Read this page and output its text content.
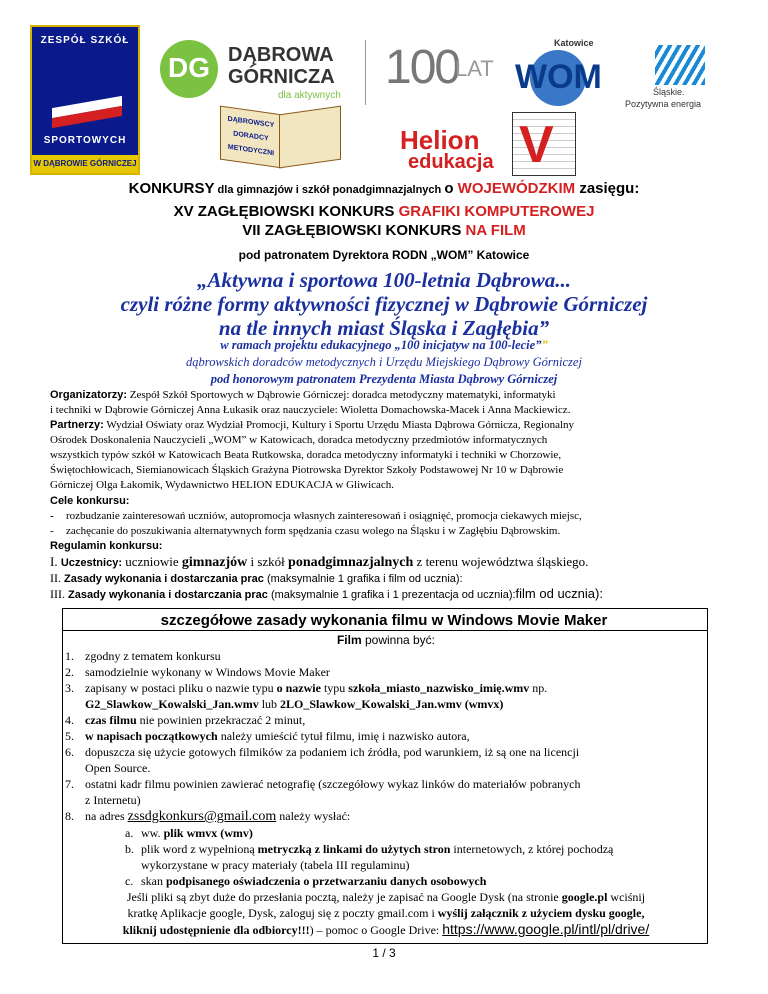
ZESPÓŁ SZKÓŁ
SPORTOWYCH
W DĄBROWIE GÓRNICZEJ
DG DĄBROWA
GÓRNICZA
dla aktywnych
100
LAT
Katowice
WOM	Śląskie.
Pozytywna energia
DĄBROWSCY
DORADCY
METODYCZNI	Helion
edukacja V
KONKURSY dla gimnazjów i szkół ponadgimnazjalnych o WOJEWÓDZKIM zasięgu:
XV ZAGŁĘBIOWSKI KONKURS GRAFIKI KOMPUTEROWEJ
VII ZAGŁĘBIOWSKI KONKURS NA FILM
pod patronatem Dyrektora RODN „WOM” Katowice
„Aktywna i sportowa 100-letnia Dąbrowa...
czyli różne formy aktywności fizycznej w Dąbrowie Górniczej
na tle innych miast Śląska i Zagłębia”
w ramach projektu edukacyjnego „100 inicjatyw na 100-lecie””
dąbrowskich doradców metodycznych i Urzędu Miejskiego Dąbrowy Górniczej
pod honorowym patronatem Prezydenta Miasta Dąbrowy Górniczej
Organizatorzy: Zespół Szkół Sportowych w Dąbrowie Górniczej: doradca metodyczny matematyki, informatyki
i techniki w Dąbrowie Górniczej Anna Łukasik oraz nauczyciele: Wioletta Domachowska-Macek i Anna Mackiewicz.
Partnerzy: Wydział Oświaty oraz Wydział Promocji, Kultury i Sportu Urzędu Miasta Dąbrowa Górnicza, Regionalny
Ośrodek Doskonalenia Nauczycieli „WOM” w Katowicach, doradca metodyczny przedmiotów informatycznych
wszystkich typów szkół w Katowicach Beata Rutkowska, doradca metodyczny informatyki i techniki w Chorzowie,
Świętochłowicach, Siemianowicach Śląskich Grażyna Piotrowska Dyrektor Szkoły Podstawowej Nr 10 w Dąbrowie
Górniczej Olga Łakomik, Wydawnictwo HELION EDUKACJA w Gliwicach.
Cele konkursu:
- rozbudzanie zainteresowań uczniów, autopromocja własnych zainteresowań i osiągnięć, promocja ciekawych miejsc,
- zachęcanie do poszukiwania alternatywnych form spędzania czasu wolego na Śląsku i w Zagłębiu Dąbrowskim.
Regulamin konkursu:
I. Uczestnicy: uczniowie gimnazjów i szkół ponadgimnazjalnych z terenu województwa śląskiego.
II. Zasady wykonania i dostarczania prac (maksymalnie 1 grafika i film od ucznia):
III. Zasady wykonania i dostarczania prac (maksymalnie 1 grafika i 1 prezentacja od ucznia):film od ucznia):
szczegółowe zasady wykonania filmu w Windows Movie Maker
Film powinna być:
1. zgodny z tematem konkursu
2. samodzielnie wykonany w Windows Movie Maker
3. zapisany w postaci pliku o nazwie typu o nazwie typu szkoła_miasto_nazwisko_imię.wmv np.
G2_Slawkow_Kowalski_Jan.wmv lub 2LO_Slawkow_Kowalski_Jan.wmv (wmvx)
4. czas filmu nie powinien przekraczać 2 minut,
5. w napisach początkowych należy umieścić tytuł filmu, imię i nazwisko autora,
6. dopuszcza się użycie gotowych filmików za podaniem ich źródła, pod warunkiem, iż są one na licencji
Open Source.
7. ostatni kadr filmu powinien zawierać netografię (szczegółowy wykaz linków do materiałów pobranych
z Internetu)
8. na adres zssdgkonkurs@gmail.com należy wysłać:
a. ww. plik wmvx (wmv)
b. plik word z wypełnioną metryczką z linkami do użytych stron internetowych, z której pochodzą
wykorzystane w pracy materiały (tabela III regulaminu)
c. skan podpisanego oświadczenia o przetwarzaniu danych osobowych
Jeśli pliki są zbyt duże do przesłania pocztą, należy je zapisać na Google Dysk (na stronie google.pl wciśnij
kratkę Aplikacje google, Dysk, zaloguj się z poczty gmail.com i wyślij załącznik z użyciem dysku google,
kliknij udostępnienie dla odbiorcy!!!) – pomoc o Google Drive: https://www.google.pl/intl/pl/drive/
1 / 3
